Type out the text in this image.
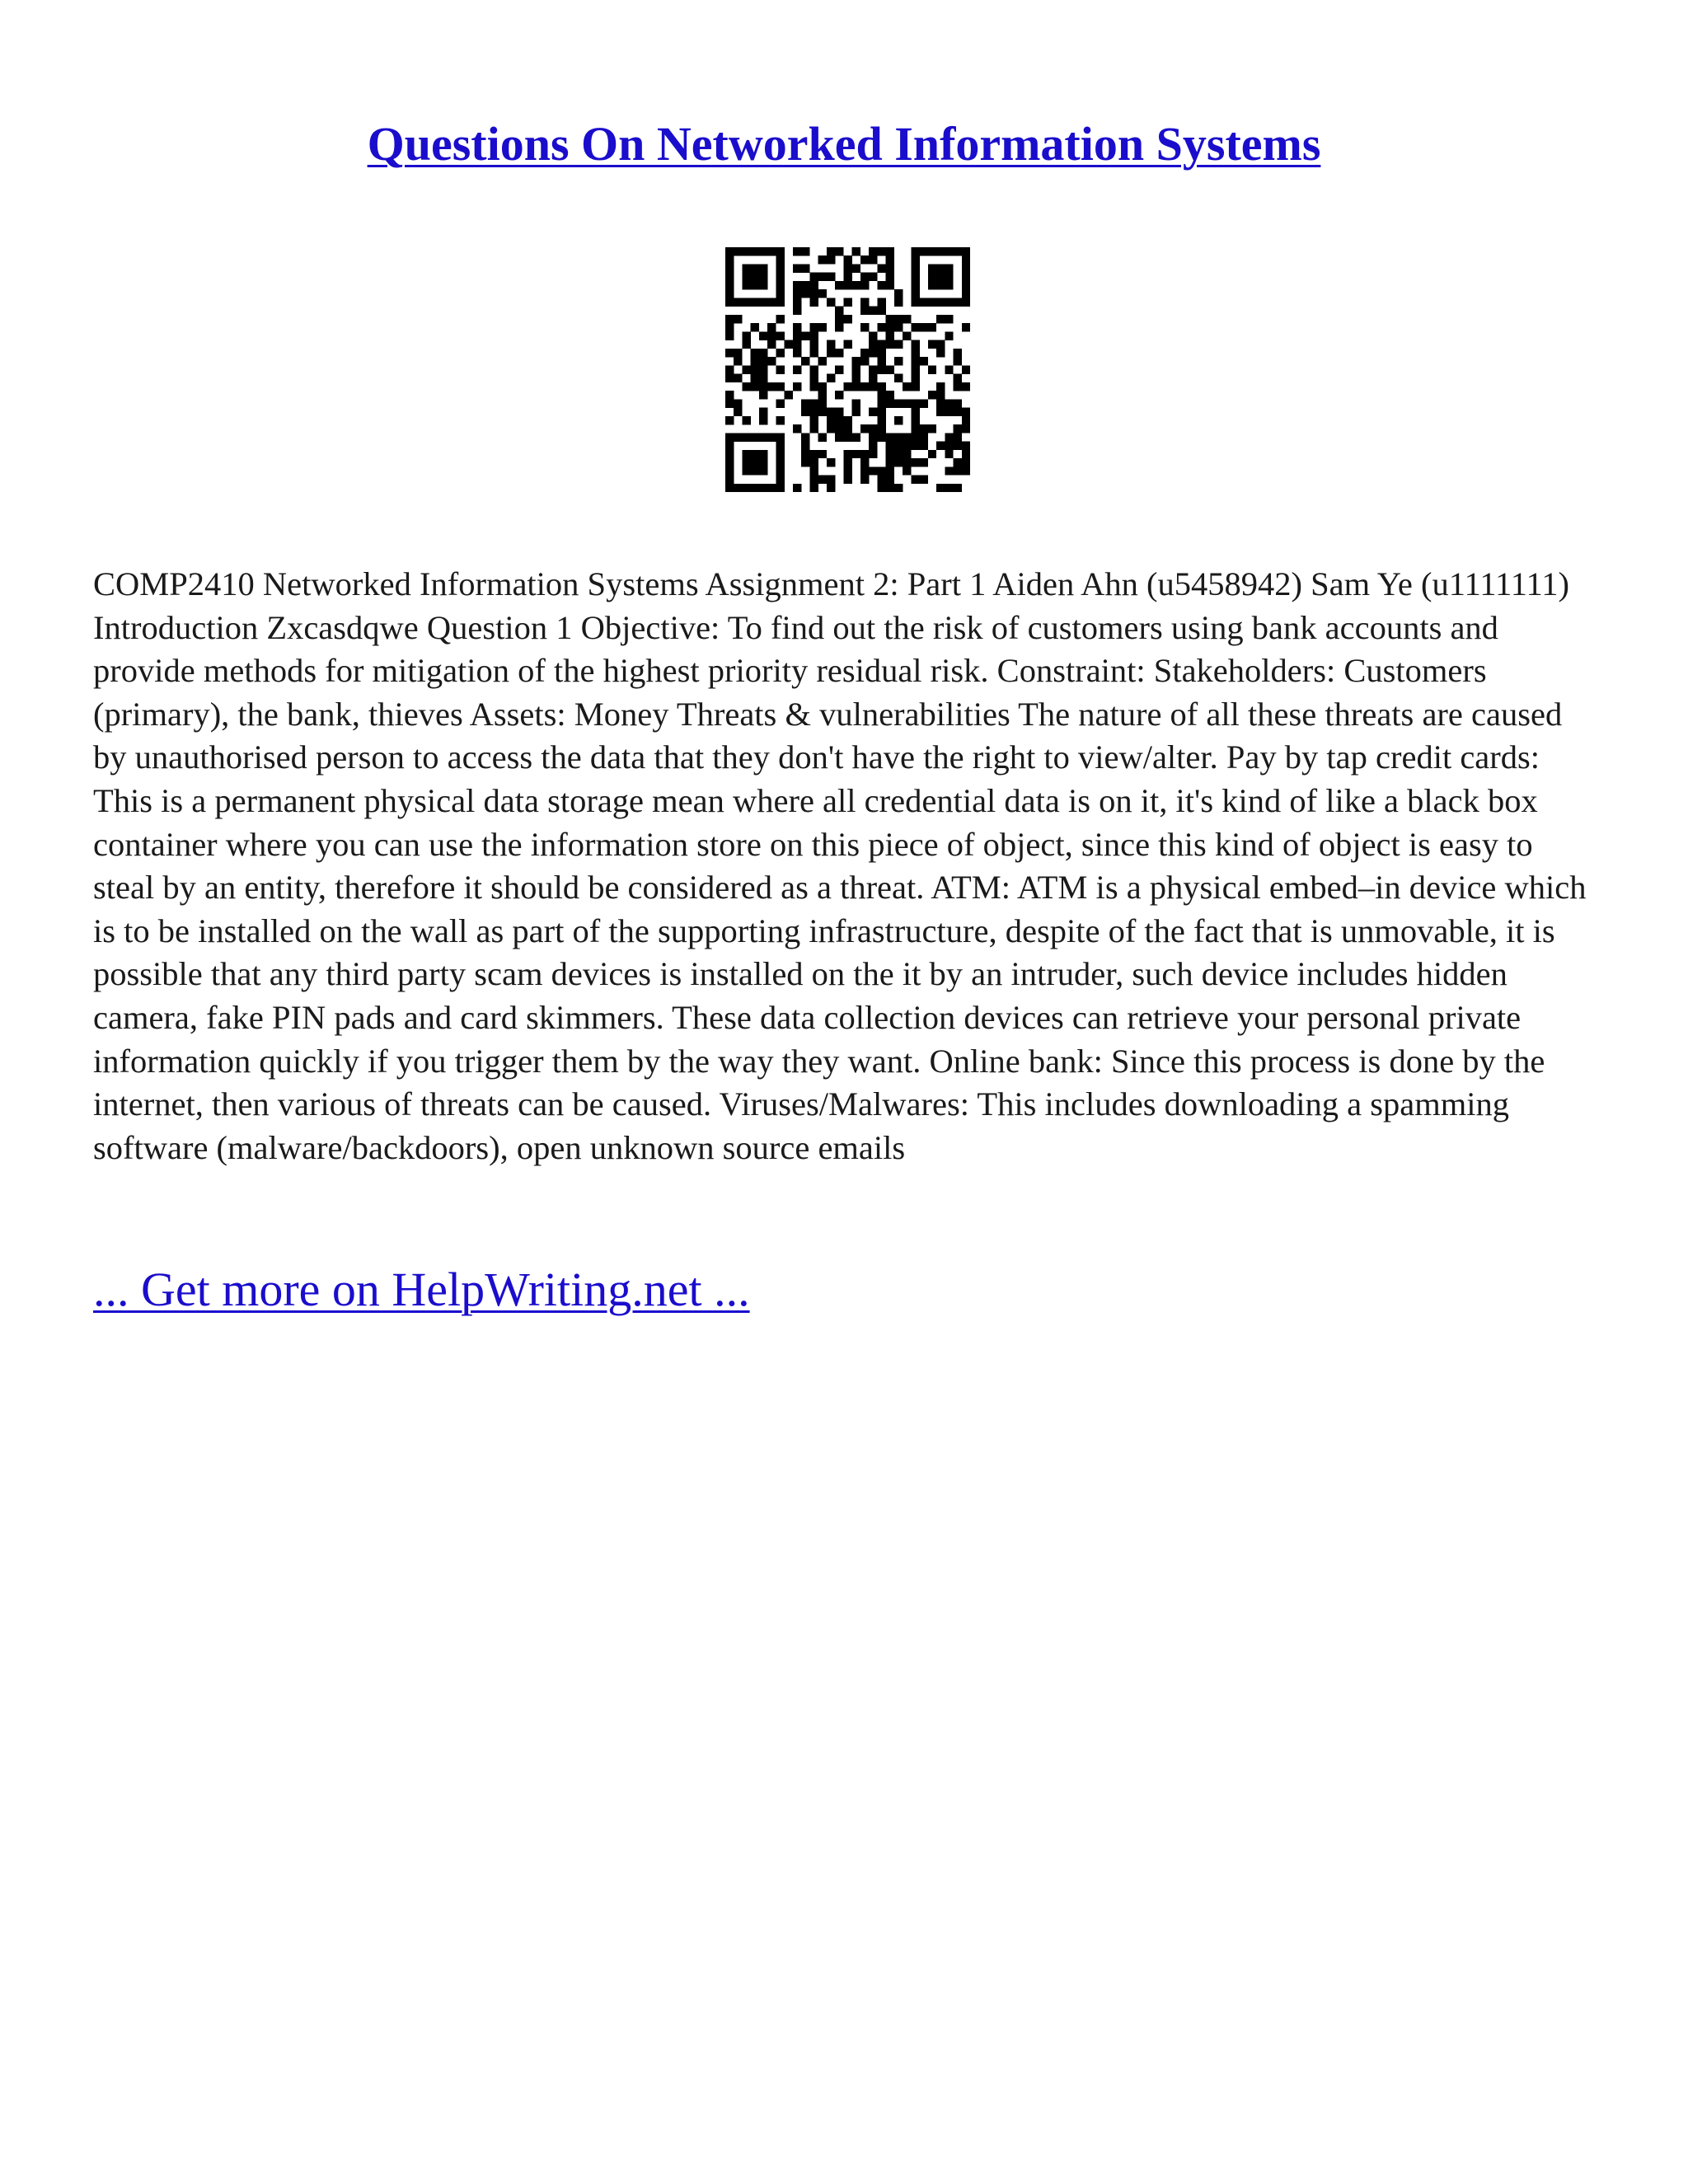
Questions On Networked Information Systems

COMP2410 Networked Information Systems Assignment 2: Part 1 Aiden Ahn (u5458942) Sam Ye (u1111111) Introduction Zxcasdqwe Question 1 Objective: To find out the risk of customers using bank accounts and provide methods for mitigation of the highest priority residual risk. Constraint: Stakeholders: Customers (primary), the bank, thieves Assets: Money Threats & vulnerabilities The nature of all these threats are caused by unauthorised person to access the data that they don't have the right to view/alter. Pay by tap credit cards: This is a permanent physical data storage mean where all credential data is on it, it's kind of like a black box container where you can use the information store on this piece of object, since this kind of object is easy to steal by an entity, therefore it should be considered as a threat. ATM: ATM is a physical embed–in device which is to be installed on the wall as part of the supporting infrastructure, despite of the fact that is unmovable, it is possible that any third party scam devices is installed on the it by an intruder, such device includes hidden camera, fake PIN pads and card skimmers. These data collection devices can retrieve your personal private information quickly if you trigger them by the way they want. Online bank: Since this process is done by the internet, then various of threats can be caused. Viruses/Malwares: This includes downloading a spamming software (malware/backdoors), open unknown source emails

... Get more on HelpWriting.net ...
